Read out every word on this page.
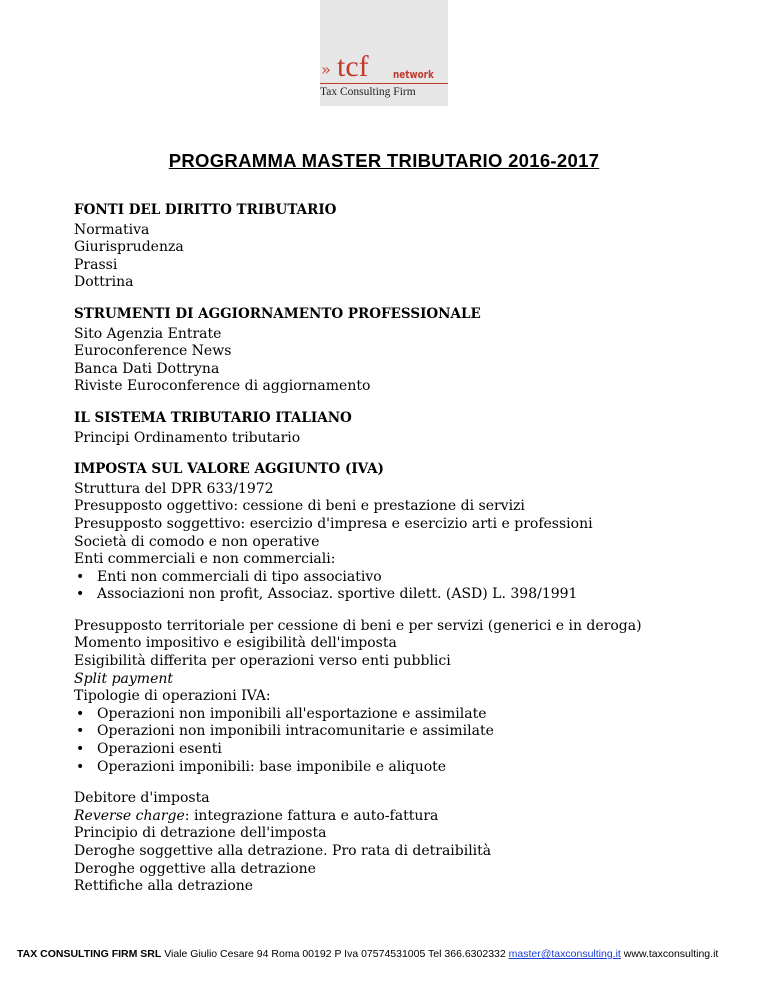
» tcf network
Tax Consulting Firm
PROGRAMMA MASTER TRIBUTARIO 2016-2017
FONTI DEL DIRITTO TRIBUTARIO
Normativa
Giurisprudenza
Prassi
Dottrina
STRUMENTI DI AGGIORNAMENTO PROFESSIONALE
Sito Agenzia Entrate
Euroconference News
Banca Dati Dottryna
Riviste Euroconference di aggiornamento
IL SISTEMA TRIBUTARIO ITALIANO
Principi Ordinamento tributario
IMPOSTA SUL VALORE AGGIUNTO (IVA)
Struttura del DPR 633/1972
Presupposto oggettivo: cessione di beni e prestazione di servizi
Presupposto soggettivo: esercizio d'impresa e esercizio arti e professioni
Società di comodo e non operative
Enti commerciali e non commerciali:
• Enti non commerciali di tipo associativo
• Associazioni non profit, Associaz. sportive dilett. (ASD) L. 398/1991
Presupposto territoriale per cessione di beni e per servizi (generici e in deroga)
Momento impositivo e esigibilità dell'imposta
Esigibilità differita per operazioni verso enti pubblici
Split payment
Tipologie di operazioni IVA:
• Operazioni non imponibili all'esportazione e assimilate
• Operazioni non imponibili intracomunitarie e assimilate
• Operazioni esenti
• Operazioni imponibili: base imponibile e aliquote
Debitore d'imposta
Reverse charge: integrazione fattura e auto-fattura
Principio di detrazione dell'imposta
Deroghe soggettive alla detrazione. Pro rata di detraibilità
Deroghe oggettive alla detrazione
Rettifiche alla detrazione
TAX CONSULTING FIRM SRL Viale Giulio Cesare 94 Roma 00192 P Iva 07574531005 Tel 366.6302332 master@taxconsulting.it www.taxconsulting.it
